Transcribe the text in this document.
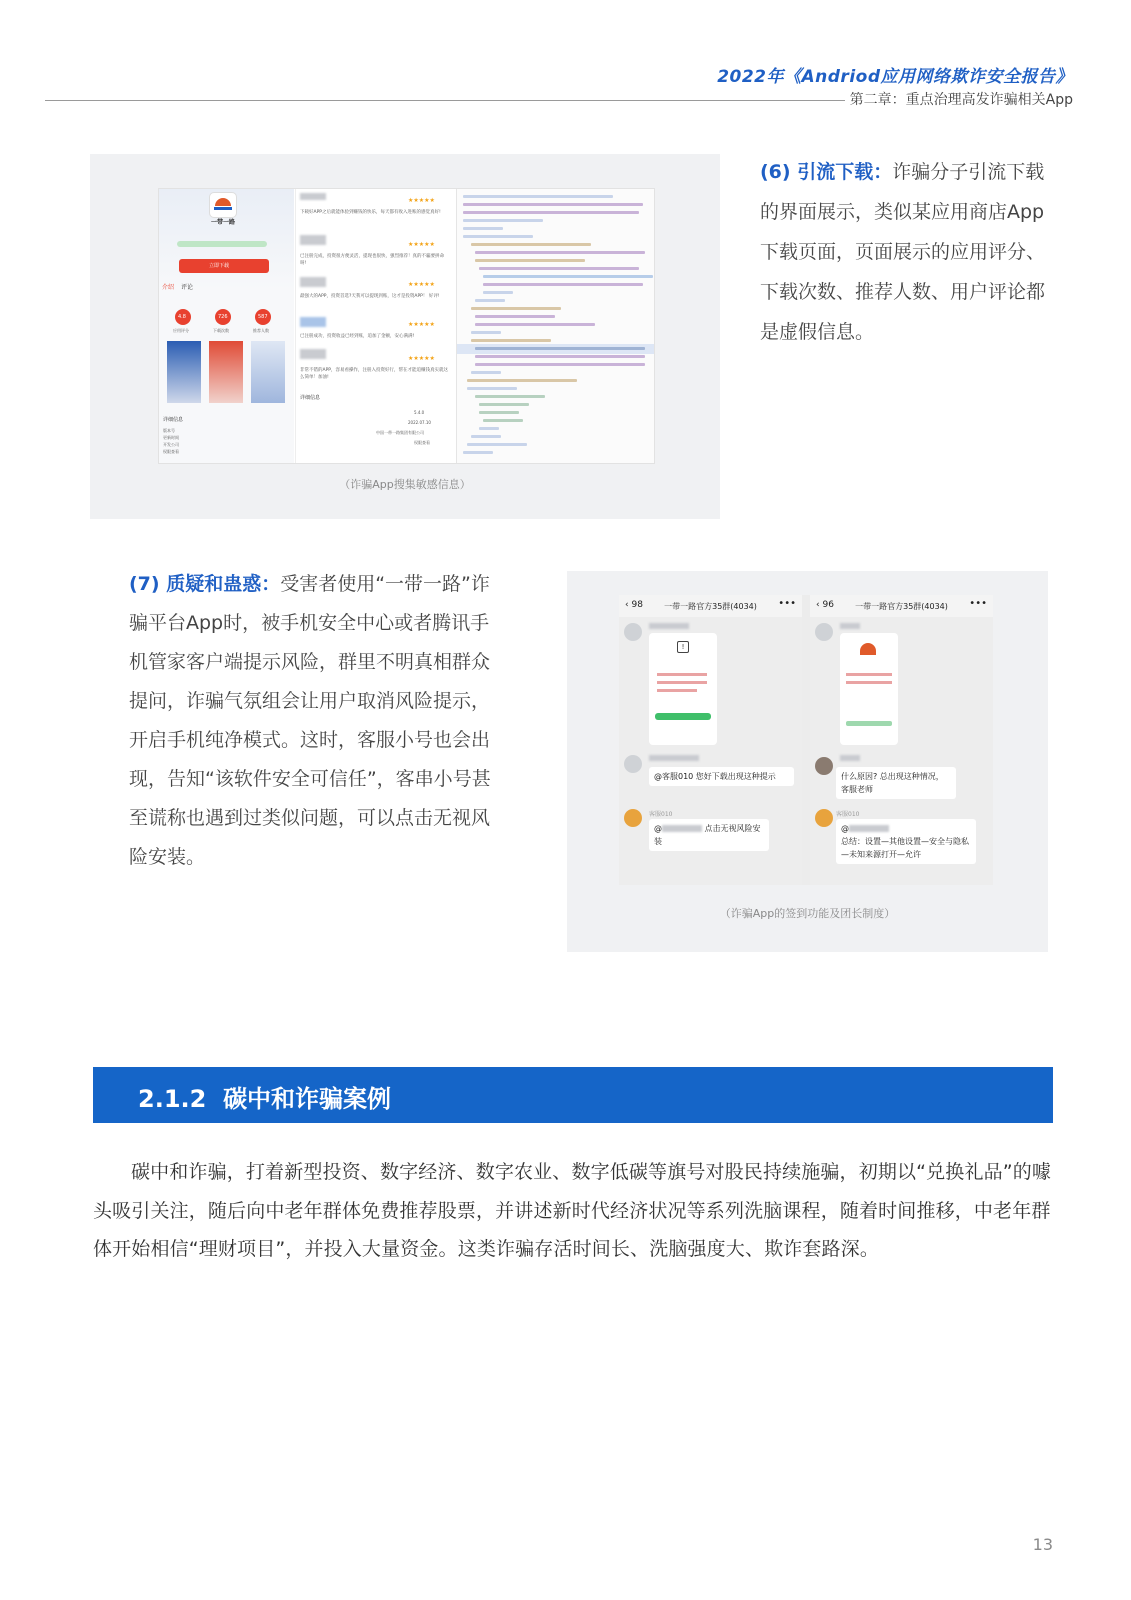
2022年《Andriod应用网络欺诈安全报告》
第二章：重点治理高发诈骗相关App
一带一路
立即下载
介绍 评论
4.8
应用评分
726
下载次数
587
推荐人数
详细信息
版本号
更新时间
开发公司
权限查看
★★★★★
下载好APP之后就能体验到赚钱的快乐，每天都有收入进账的感觉真好!
★★★★★
已注册完成，投资很方便灵活，提现也很快，强烈推荐！真的不骗要拼命呀!
★★★★★
最强大的APP，投资首选?天我可以提现到账，这才是投资APP！ 好评!
★★★★★
已注册成功，投资收益已经到账，追加了金额，安心满满!
★★★★★
非常不错的APP，容易看操作，注册入投资好行，帮在才能追赚钱真实就这么简单！加油!
详细信息
5.4.0
2022.07.10
中国一带一路集团有限公司
权限查看
（诈骗App搜集敏感信息）
(6) 引流下载：诈骗分子引流下载的界面展示，类似某应用商店App下载页面，页面展示的应用评分、下载次数、推荐人数、用户评论都是虚假信息。
(7) 质疑和蛊惑：受害者使用“一带一路”诈骗平台App时，被手机安全中心或者腾讯手机管家客户端提示风险，群里不明真相群众提问，诈骗气氛组会让用户取消风险提示，开启手机纯净模式。这时，客服小号也会出现，告知“该软件安全可信任”，客串小号甚至谎称也遇到过类似问题，可以点击无视风险安装。
‹ 98	一带一路官方35群(4034)	•••
!
@客服010 您好下载出现这种提示
客服010
@	点击无视风险安装
‹ 96	一带一路官方35群(4034)	•••
什么原因? 总出现这种情况，客服老师
客服010
@
总结：设置—其他设置—安全与隐私—未知来源打开—允许
（诈骗App的签到功能及团长制度）
2.1.2 碳中和诈骗案例
碳中和诈骗，打着新型投资、数字经济、数字农业、数字低碳等旗号对股民持续施骗，初期以“兑换礼品”的噱头吸引关注，随后向中老年群体免费推荐股票，并讲述新时代经济状况等系列洗脑课程，随着时间推移，中老年群体开始相信“理财项目”，并投入大量资金。这类诈骗存活时间长、洗脑强度大、欺诈套路深。
13
